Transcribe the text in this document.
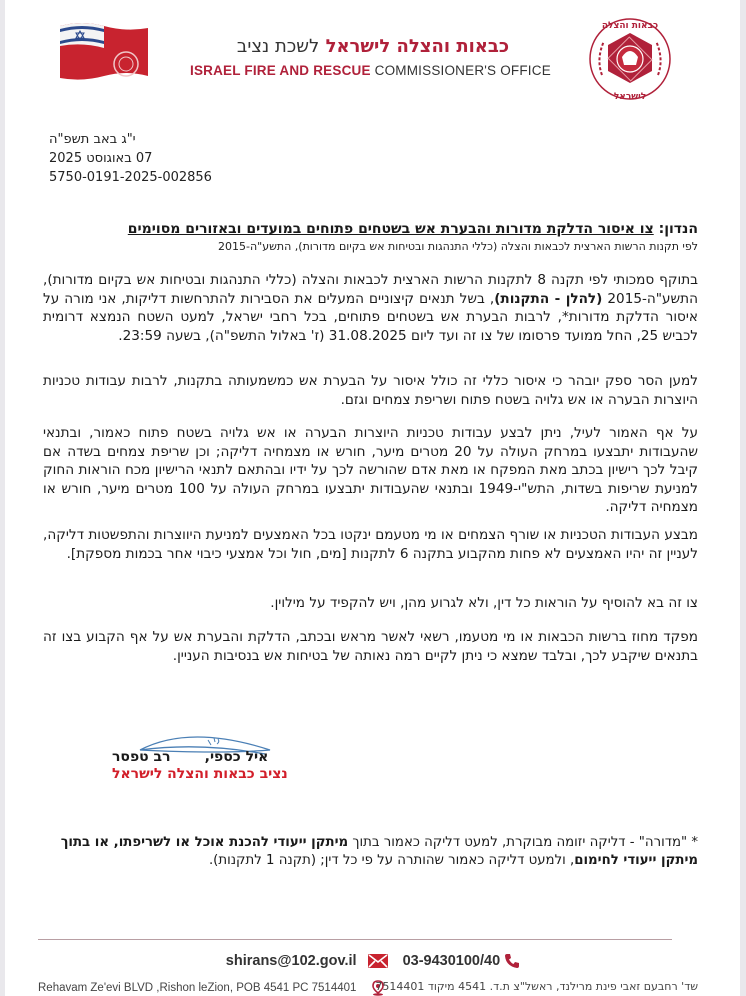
כבאות והצלה לישראל לשכת נציב
ISRAEL FIRE AND RESCUE COMMISSIONER'S OFFICE
כבאות והצלה
לישראל
י"ג באב תשפ"ה
07 באוגוסט 2025
5750-0191-2025-002856
הנדון: צו איסור הדלקת מדורות והבערת אש בשטחים פתוחים במועדים ובאזורים מסוימים
לפי תקנות הרשות הארצית לכבאות והצלה (כללי התנהגות ובטיחות אש בקיום מדורות), התשע"ה-2015
בתוקף סמכותי לפי תקנה 8 לתקנות הרשות הארצית לכבאות והצלה (כללי התנהגות ובטיחות אש בקיום מדורות), התשע"ה-2015 (להלן - התקנות), בשל תנאים קיצוניים המעלים את הסבירות להתרחשות דליקות, אני מורה על איסור הדלקת מדורות*, לרבות הבערת אש בשטחים פתוחים, בכל רחבי ישראל, למעט השטח הנמצא דרומית לכביש 25, החל ממועד פרסומו של צו זה ועד ליום 31.08.2025 (ז' באלול התשפ"ה), בשעה 23:59.
למען הסר ספק יובהר כי איסור כללי זה כולל איסור על הבערת אש כמשמעותה בתקנות, לרבות עבודות טכניות היוצרות הבערה או אש גלויה בשטח פתוח ושריפת צמחים וגזם.
על אף האמור לעיל, ניתן לבצע עבודות טכניות היוצרות הבערה או אש גלויה בשטח פתוח כאמור, ובתנאי שהעבודות יתבצעו במרחק העולה על 20 מטרים מיער, חורש או מצמחיה דליקה; וכן שריפת צמחים בשדה אם קיבל לכך רישיון בכתב מאת המפקח או מאת אדם שהורשה לכך על ידיו ובהתאם לתנאי הרישיון מכח הוראות החוק למניעת שריפות בשדות, התש"י-1949 ובתנאי שהעבודות יתבצעו במרחק העולה על 100 מטרים מיער, חורש או מצמחיה דליקה.
מבצע העבודות הטכניות או שורף הצמחים או מי מטעמם ינקטו בכל האמצעים למניעת היווצרות והתפשטות דליקה, לעניין זה יהיו האמצעים לא פחות מהקבוע בתקנה 6 לתקנות [מים, חול וכל אמצעי כיבוי אחר בכמות מספקת].
צו זה בא להוסיף על הוראות כל דין, ולא לגרוע מהן, ויש להקפיד על מילוין.
מפקד מחוז ברשות הכבאות או מי מטעמו, רשאי לאשר מראש ובכתב, הדלקת והבערת אש על אף הקבוע בצו זה בתנאים שיקבע לכך, ובלבד שמצא כי ניתן לקיים רמה נאותה של בטיחות אש בנסיבות העניין.
איל כספי,       רב טפסר
נציב כבאות והצלה לישראל
* "מדורה" - דליקה יזומה מבוקרת, למעט דליקה כאמור בתוך מיתקן ייעודי להכנת אוכל או לשריפתו, או בתוך מיתקן ייעודי לחימום, ולמעט דליקה כאמור שהותרה על פי כל דין; (תקנה 1 לתקנות).
shirans@102.gov.il	03-9430100/40
Rehavam Ze'evi BLVD ,Rishon leZion, POB 4541 PC 7514401	שד' רחבעם זאבי פינת מרילנד, ראשל"צ ת.ד. 4541 מיקוד 7514401
